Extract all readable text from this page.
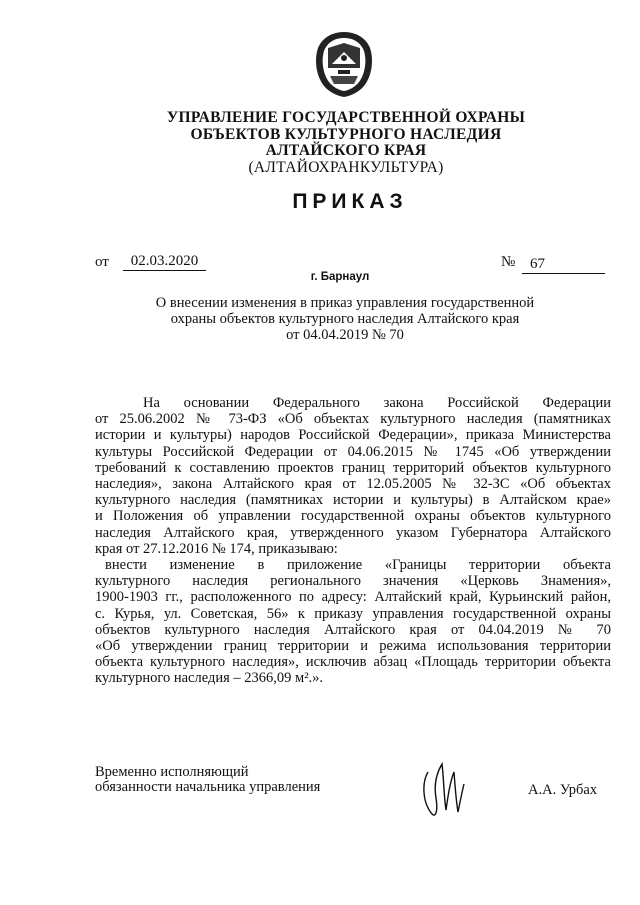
УПРАВЛЕНИЕ ГОСУДАРСТВЕННОЙ ОХРАНЫ
ОБЪЕКТОВ КУЛЬТУРНОГО НАСЛЕДИЯ
АЛТАЙСКОГО КРАЯ
(АЛТАЙОХРАНКУЛЬТУРА)
ПРИКАЗ
от	02.03.2020	№ 67
г. Барнаул
О внесении изменения в приказ управления государственной
охраны объектов культурного наследия Алтайского края
от 04.04.2019 № 70
На основании Федерального закона Российской Федерации
от 25.06.2002 № 73-ФЗ «Об объектах культурного наследия (памятниках
истории и культуры) народов Российской Федерации», приказа Министерства
культуры Российской Федерации от 04.06.2015 № 1745 «Об утверждении
требований к составлению проектов границ территорий объектов культурного
наследия», закона Алтайского края от 12.05.2005 № 32-ЗС «Об объектах
культурного наследия (памятниках истории и культуры) в Алтайском крае»
и Положения об управлении государственной охраны объектов культурного
наследия Алтайского края, утвержденного указом Губернатора Алтайского
края от 27.12.2016 № 174, приказываю:
внести изменение в приложение «Границы территории объекта
культурного наследия регионального значения «Церковь Знамения»,
1900-1903 гг., расположенного по адресу: Алтайский край, Курьинский район,
с. Курья, ул. Советская, 56» к приказу управления государственной охраны
объектов культурного наследия Алтайского края от 04.04.2019 № 70
«Об утверждении границ территории и режима использования территории
объекта культурного наследия», исключив абзац «Площадь территории объекта
культурного наследия – 2366,09 м².».
Временно исполняющий
обязанности начальника управления	А.А. Урбах
